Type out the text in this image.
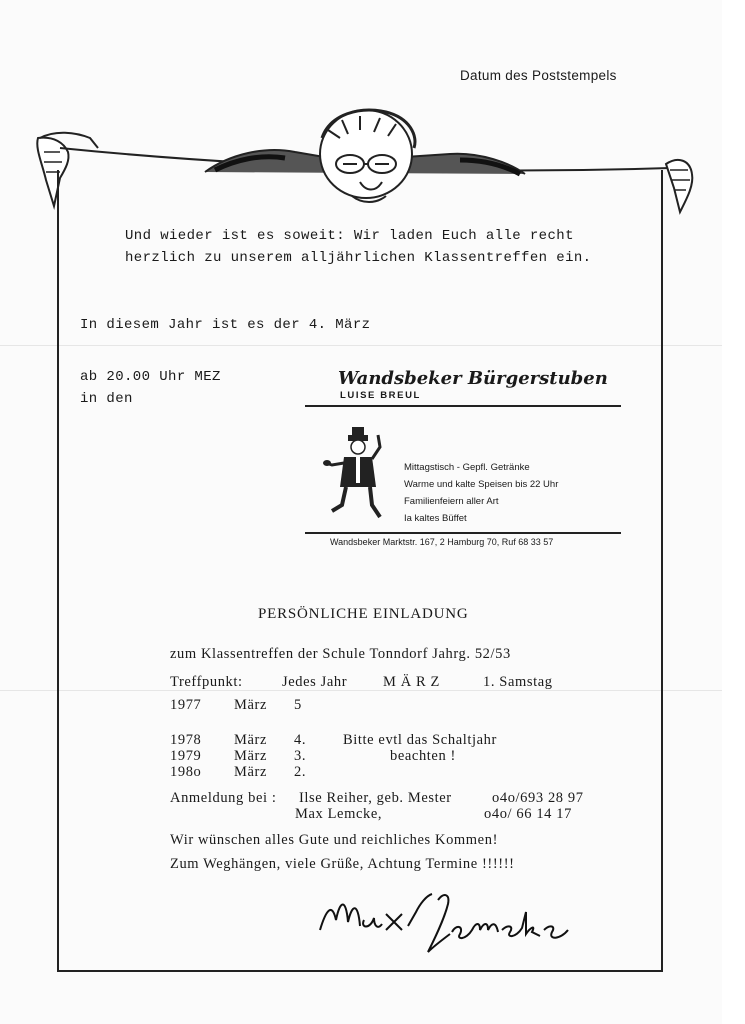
Datum des Poststempels
Und wieder ist es soweit: Wir laden Euch alle recht
herzlich zu unserem alljährlichen Klassentreffen ein.
In diesem Jahr ist es der 4. März
ab 20.00 Uhr MEZ
in den
Wandsbeker Bürgerstuben
LUISE BREUL
Mittagstisch - Gepfl. Getränke
Warme und kalte Speisen bis 22 Uhr
Familienfeiern aller Art
Ia kaltes Büffet
Wandsbeker Marktstr. 167, 2 Hamburg 70, Ruf 68 33 57
PERSÖNLICHE EINLADUNG
zum Klassentreffen der Schule Tonndorf Jahrg. 52/53
Treffpunkt:	Jedes Jahr M Ä R Z	1. Samstag
1977 März 5
1978 März 4.	Bitte evtl das Schaltjahr
1979 März 3.	beachten !
198o März 2.
Anmeldung bei : Ilse Reiher, geb. Mester	o4o/693 28 97
Max Lemcke,	o4o/ 66 14 17
Wir wünschen alles Gute und reichliches Kommen!
Zum Weghängen, viele Grüße, Achtung Termine !!!!!!
